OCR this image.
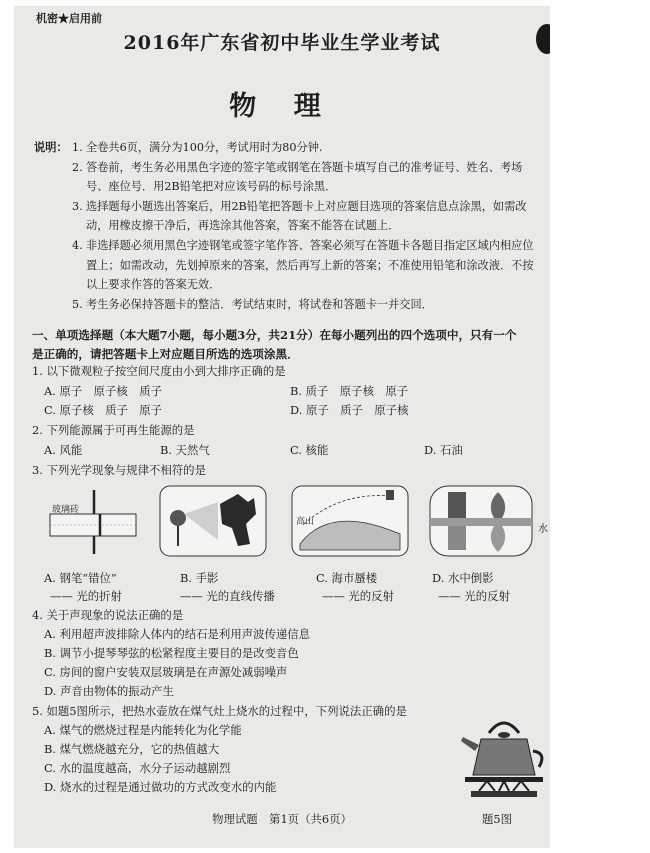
机密★启用前
2016年广东省初中毕业生学业考试
物 理
说明： 1. 全卷共6页，满分为100分，考试用时为80分钟.
2. 答卷前，考生务必用黑色字迹的签字笔或钢笔在答题卡填写自己的准考证号、姓名、考场号、座位号．用2B铅笔把对应该号码的标号涂黑．
3. 选择题每小题选出答案后，用2B铅笔把答题卡上对应题目选项的答案信息点涂黑，如需改动，用橡皮擦干净后，再选涂其他答案，答案不能答在试题上．
4. 非选择题必须用黑色字迹钢笔或签字笔作答、答案必须写在答题卡各题目指定区域内相应位置上；如需改动，先划掉原来的答案，然后再写上新的答案；不准使用铅笔和涂改液．不按以上要求作答的答案无效．
5. 考生务必保持答题卡的整洁．考试结束时，将试卷和答题卡一并交回．
一、单项选择题（本大题7小题，每小题3分，共21分）在每小题列出的四个选项中，只有一个
是正确的，请把答题卡上对应题目所选的选项涂黑．
1. 以下微观粒子按空间尺度由小到大排序正确的是
A. 原子　原子核　质子	B. 质子　原子核　原子
C. 原子核　质子　原子	D. 原子　质子　原子核
2. 下列能源属于可再生能源的是
A. 风能	B. 天然气	C. 核能	D. 石油
3. 下列光学现象与规律不相符的是
玻璃砖
高山
水
A. 钢笔“错位”
—— 光的折射
B. 手影
—— 光的直线传播
C. 海市蜃楼
—— 光的反射
D. 水中倒影
—— 光的反射
4. 关于声现象的说法正确的是
A. 利用超声波排除人体内的结石是利用声波传递信息
B. 调节小提琴琴弦的松紧程度主要目的是改变音色
C. 房间的窗户安装双层玻璃是在声源处减弱噪声
D. 声音由物体的振动产生
5. 如题5图所示，把热水壶放在煤气灶上烧水的过程中，下列说法正确的是
A. 煤气的燃烧过程是内能转化为化学能
B. 煤气燃烧越充分，它的热值越大
C. 水的温度越高，水分子运动越剧烈
D. 烧水的过程是通过做功的方式改变水的内能
题5图
物理试题　第1页（共6页）
